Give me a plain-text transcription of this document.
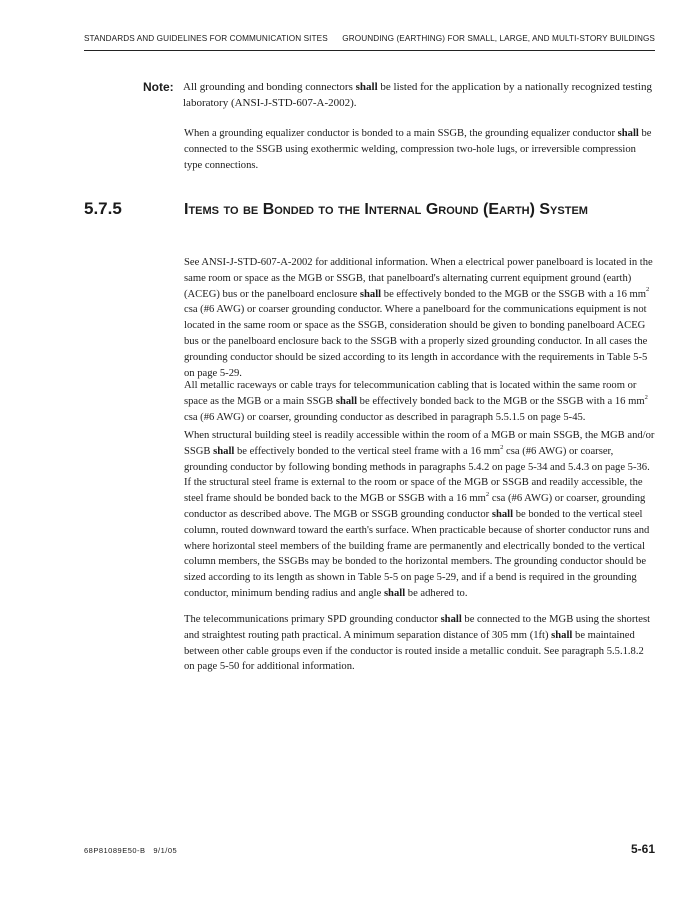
STANDARDS AND GUIDELINES FOR COMMUNICATION SITES GROUNDING (EARTHING) FOR SMALL, LARGE, AND MULTI-STORY BUILDINGS
Note: All grounding and bonding connectors shall be listed for the application by a nationally recognized testing laboratory (ANSI-J-STD-607-A-2002).

When a grounding equalizer conductor is bonded to a main SSGB, the grounding equalizer conductor shall be connected to the SSGB using exothermic welding, compression two-hole lugs, or irreversible compression type connections.

5.7.5	Items to be Bonded to the Internal Ground (Earth) System

See ANSI-J-STD-607-A-2002 for additional information. When a electrical power panelboard is located in the same room or space as the MGB or SSGB, that panelboard's alternating current equipment ground (earth) (ACEG) bus or the panelboard enclosure shall be effectively bonded to the MGB or the SSGB with a 16 $mm^2$ csa (#6 AWG) or coarser grounding conductor. Where a panelboard for the communications equipment is not located in the same room or space as the SSGB, consideration should be given to bonding panelboard ACEG bus or the panelboard enclosure back to the SSGB with a properly sized grounding conductor. In all cases the grounding conductor should be sized according to its length in accordance with the requirements in Table 5-5 on page 5-29.

All metallic raceways or cable trays for telecommunication cabling that is located within the same room or space as the MGB or a main SSGB shall be effectively bonded back to the MGB or the SSGB with a 16 $mm^2$ csa (#6 AWG) or coarser, grounding conductor as described in paragraph 5.5.1.5 on page 5-45.

When structural building steel is readily accessible within the room of a MGB or main SSGB, the MGB and/or SSGB shall be effectively bonded to the vertical steel frame with a 16 $mm^2$ csa (#6 AWG) or coarser, grounding conductor by following bonding methods in paragraphs 5.4.2 on page 5-34 and 5.4.3 on page 5-36. If the structural steel frame is external to the room or space of the MGB or SSGB and readily accessible, the steel frame should be bonded back to the MGB or SSGB with a 16 $mm^2$ csa (#6 AWG) or coarser, grounding conductor as described above. The MGB or SSGB grounding conductor shall be bonded to the vertical steel column, routed downward toward the earth's surface. When practicable because of shorter conductor runs and where horizontal steel members of the building frame are permanently and electrically bonded to the vertical column members, the SSGBs may be bonded to the horizontal members. The grounding conductor should be sized according to its length as shown in Table 5-5 on page 5-29, and if a bend is required in the grounding conductor, minimum bending radius and angle shall be adhered to.

The telecommunications primary SPD grounding conductor shall be connected to the MGB using the shortest and straightest routing path practical. A minimum separation distance of 305 mm (1ft) shall be maintained between other cable groups even if the conductor is routed inside a metallic conduit. See paragraph 5.5.1.8.2 on page 5-50 for additional information.

68P81089E50-B 9/1/05	5-61
